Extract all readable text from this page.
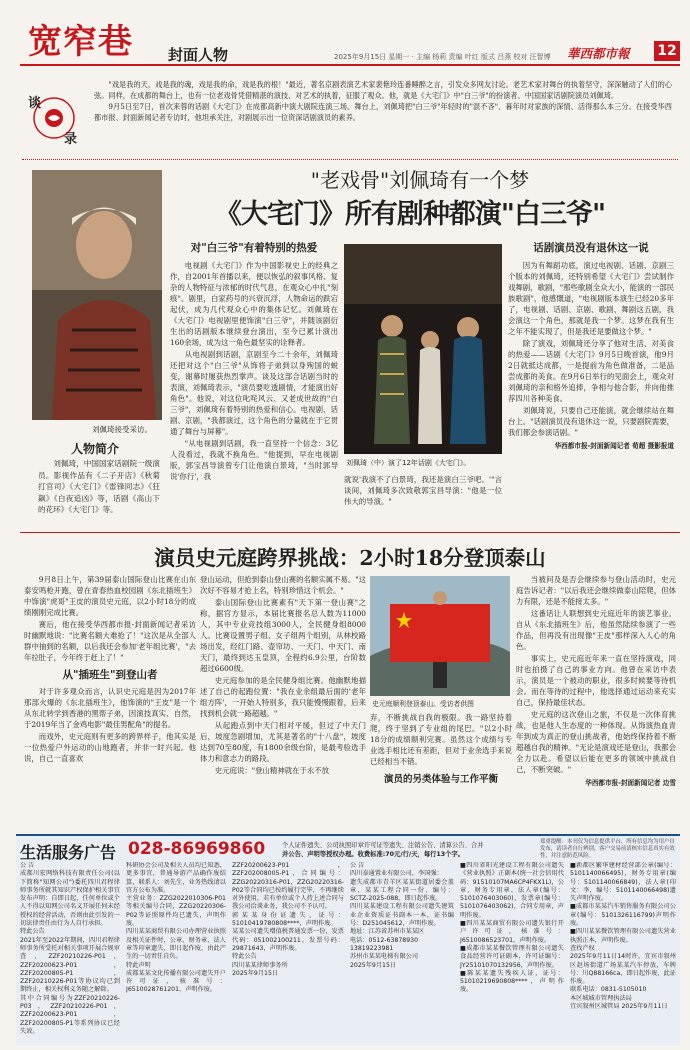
宽窄巷 封面人物	2025年9月15日 星期一 · 主编 杨莉 责编 叶红 版式 吕燕 校对 汪智博 華西都市報 12
谈
录

"戏是我的天，戏是我的魂，戏是我的命，戏是我的根！"最近，著名京剧表演艺术家裴艳玲连番睡醉之言，引发众多网友讨论。老艺术家对舞台的执着坚守，深深触动了人们的心弦。同样，在成都的舞台上，也有一位老戏骨凭借精湛的演技、对艺术的执着，征服了观众。他，就是《大宅门》中"白三爷"的扮演者、中国国家话剧院演员刘佩琦。

9月5日至7日，首次来蓉的话剧《大宅门》在成都高新中演大剧院连演三场。舞台上，刘佩琦把"白三爷"年轻时的"混不吝"、暮年时对家族的深情、活得那么本三分。在接受华西都市报、封面新闻记者专访时，他坦承关注，对剧展示出一位资深话剧演员的素养。

"老戏骨"刘佩琦有一个梦
《大宅门》所有剧种都演"白三爷"
刘佩琦接受采访。
人物简介

刘佩琦，中国国家话剧院一级演员。影视作品有《二子开店》《秋菊打官司》《大宅门》《雷锋同志》《狂飙》《白夜追凶》等，话剧《高山下的花环》《大宅门》等。

对"白三爷"有着特别的热爱

电视剧《大宅门》作为中国影视史上的经典之作，自2001年首播以来，便以恢弘的叙事风格、复杂的人物特征与浓郁的时代气息，在观众心中扎"刻痕"。剧里，白家药号的兴衰沉浮，人物命运的跌宕起伏，成为几代观众心中的集体记忆。刘佩琦在《大宅门》电视剧里便饰演"白三爷"，并随该剧衍生出的话剧版本继续登台演出，至今已累计演出160余场，成为这一角色最坚实的诠释者。

从电视剧到话剧，京剧至今二十余年，刘佩琦还把对这个"白三爷"从饰将子弟到以身殉国的蜕变，谢幕时屡获热烈掌声。谈及这部合话剧当时的表演，刘佩琦表示，"演员要吃透剧情，才能演出好角色"。他说，对这位叱咤风云、又老成世故的"白三爷"，刘佩琦有着特别的热爱和信心。电视剧、话剧、京剧，"我都演过，这个角色的分量就在于它贯通了舞台与屏幕"。

"从电视剧到话剧，我一直坚持一个信念：3亿人没看过，我就不换角色。"他提到，早在电视剧版，郭宝昌导演曾专门让他演白景琦，"当时郭导说'你行'，我

刘佩琦（中）演了12年话剧《大宅门》。

就说'我演不了白景琦，我还是演白三爷吧。'"言谈间，刘佩琦多次致敬郭宝昌导演："他是一位伟大的导演。"

话剧演员没有退休这一说

因为有舞蹈功底，演过电视剧、话剧、京剧三个版本的刘佩琦，还特别希望《大宅门》尝试制作戏舞剧，歌剧，"那些歌剧全众大小，能演的一部民族歌剧"，他感慨道，"电视剧版本演生已经20多年了，电视剧、话剧、京剧、歌剧、舞剧这五剧，我会演这一个角色，那就是我一个梦。这梦在我有生之年不能实现了，但是我还是要做这个梦。"

除了演戏，刘佩琦还分享了他对生活、对美食的热爱——话剧《大宅门》9月5日晚首演，他9月2日就抵达成都，一是提前为角色做准备，二是品尝成都的美食。在9月6日举行的见面会上，观众对刘佩琦的亲和格外追捧，争相与他合影，并向他推荐四川各种美食。

刘佩琦说，只要自己还能演，就会继续站在舞台上。"话剧演员没有退休这一说，只要剧院需要，我们都会参演话剧。"

华西都市报-封面新闻记者 荀超 摄影报道
演员史元庭跨界挑战：2小时18分登顶泰山

9月8日上午，第39届泰山国际登山比赛在山东泰安鸣枪开跑，曾在青春热血校园剧《东北插班生》中饰演"虎哥"王皮的演员史元庭，以2小时18分的成绩刚刚完成比赛。

赛后，他在接受华西都市报-封面新闻记者采访时幽默地说："比赛名额大难抢了！"这次是从全部人群中抽到的名额，以后我还会参加'老年组比赛'，"去年拉肚子，今年终于赶上了！"

从"插班生"到登山者

对于许多观众而言，认识史元庭是因为2017年那部火爆的《东北插班生》，他饰演的"王皮"是一个从东北转学到香港的黑帮子弟，因演技真实、自然，于2019年当了金鸡电影"最佳男配角"的提名。

而戏外，史元庭则有更多的跨界样子，他其实是一位热爱户外运动的山地跑者，并非一时兴起。他说，自己一直喜欢

登山运动，但抢到泰山登山赛的名额实属不易。"这次好不容易才抢上名，特别珍惜这个机会。"

泰山国际登山比赛素有"天下第一登山赛"之称，据官方显示，本届比赛报名总人数为11000人，其中专业竞技组3000人，全民健身组8000人。比赛设置男子组、女子组两个组别，从林校路场出发，经红门路、壶帘坊、一天门、中天门、南天门，最终到达玉皇顶，全程约6.9公里，台阶数超过6600级。

史元庭参加的是全民健身组比赛。他幽默地描述了自己的起跑位置："我在业余组最后面的'老年组方阵'，一开始人特别多，我只能慢慢跟着，后来找到机会就一路超越。"

从起跑点到中天门相对平缓，但过了中天门后，坡度急剧增加，尤其是著名的"十八盘"，坡度达到70至80度，有1800余级台阶，是最考验选手体力和意志力的路段。

史元庭说："登山精神就在于永不放

史元庭顺利登顶泰山。受访者供图

弃，不断挑战自我的极限。我一路坚持着爬，终于坚到了专业组的尾巴。"以2小时18分的成绩顺利完赛。虽然这个成绩与专业选手相比还有差距，但对于业余选手来说已经相当不错。

演员的另类体验与工作平衡

当被问及是否会继续参与登山活动时，史元庭告诉记者："以后我还会继续做泰山陪爬，但体力有限，还是不能接太多。"

这番话让人联想到史元庭近年的演艺事业。自从《东北插班生》后，他虽然陆续参演了一些作品，但再没有出现像"王皮"那样深入人心的角色。

事实上，史元庭近年来一直在坚持演戏，同时也拍摄了自己的事业方向。他曾在采访中表示，演员是一个被动的职业，很多时候要等待机会。而在等待的过程中，他选择通过运动来充实自己，保持最佳状态。

史元庭的这次登山之旅，不仅是一次体育挑战，也是他人生态度的一种体现。从饰演热血青年到成为真正的登山挑战者，他始终保持着不断超越自我的精神。"无论是演戏还是登山，我都会全力以赴。希望以后能在更多的领域中挑战自己，不断突破。"

华西都市报-封面新闻记者 边雪
生活服务广告 028-86969860	个人证件遗失、公司执照印章许可证等遗失、注销公告、清算公告、合并
并公告、声明等授权办理。收费标准:70元/行/天，每行13个字。
郑重提醒：本刊仅为信息提供平台，所有信息均为用户自发布，请读者自行辨别，客户交易前请核实信息真实有效性，并注意防范风险。
公 告
成都川宏网络科技有限责任公司(以下简称"知网公司")委托四川君程律师事务所就其知识产权保护相关事宜发布声明：自即日起，任何单位或个人不得以知网公司名义开展任何未经授权的经营活动，否则由此引发的一切法律责任由行为人自行承担。
特此公告
2021年至2022年期间，四川君程律师事务所受托对相关事项开展合规审查，ZZF20210226-P01，ZZF20200623-P01，ZZF20200805-P1，ZZF20210226-P01等协议均已到期终止，相关权利义务随之解除。
其中合同编号为ZZF20210226-P03，ZZF20210226-P01，ZZF20200623-P01，ZZF20200805-P1等系列协议已经失效。
科研协会公司及相关人员均已知悉，更多事宜，普通导游产品确作废结算，联系人：刘先生，业务热线请以官方公布为准。
主营业务：ZZG2022010306-P01等相关编号合同，ZZG20220306-P02等证照原件均已遗失，声明作废。
四川某某商贸有限公司办理营业执照及相关证件时，公章、财务章、法人章等印章遗失，即日起作废，由此产生的一切责任自负。
特此声明
成都某某文化传播有限公司遗失开户许可证，核准号：J6510028761201，声明作废。
ZZF20200623-P01，ZZF202008005-P1，合同编号：ZZG20220316-P01，ZZG20220316-P02等合同均已按约履行完毕，不再继续对外使用，若有单位或个人持上述合同与我公司洽谈业务，我公司不予认可。
郭某某身份证遗失，证号：51010419780808****，声明作废。
某某公司遗失增值税普通发票一份，发票代码：051002100211，发票号码：29871643，声明作废。
特此公告
四川某某律师事务所
2025年9月15日
公 告
四川泰通置业有限公司，李国强：
遗失成都市青羊区某某街道居委会盖章，某某工程合同一份，编号：SCTZ-2025-088，即日起作废。
四川某某建设工程有限公司遗失建筑业企业资质证书副本一本，证书编号：D251045612，声明作废。
地址：江苏省苏州市某某区
电话：0512-63878930
13819223981
苏州市某某电梯有限公司
2025年9月15日
■四川省阳光建设工程有限公司遗失《营业执照》正副本(统一社会信用代码：91510107MA6CP4FKX1L)，公章、财务专用章、法人章(编号：5101076403060)，发票章(编号：5101076403062)，合同专用章，声明作废。
■四川某某商贸有限公司遗失银行开户许可证，核准号：J6510086523701，声明作废。
■成都市某某餐饮管理有限公司遗失食品经营许可证副本，许可证编号：JY25101070132956，声明作废。
■陈某某遗失残疾人证，证号：51010219690808****，声明作废。
■新都区繁华建材经营部公章(编号：5101140066495)，财务专用章(编号：5101140066849)，法人章(印文：李，编号：5101140066498)遗失声明作废。
■成都市某某汽车销售服务有限公司公章(编号：5101326116799)声明作废。
■四川某某餐饮管理有限公司遗失营业执照正本，声明作废。
查找产权
2025年9月11日14时许，宜宾市叙州区赵场街道广场某某汽车停放，车牌号：川Q88166ca，即日起作废，此证作废。
联系电话：0831-5105010
本区城城市管理执法局
宜宾叙州区城管局 2025年9月11日
